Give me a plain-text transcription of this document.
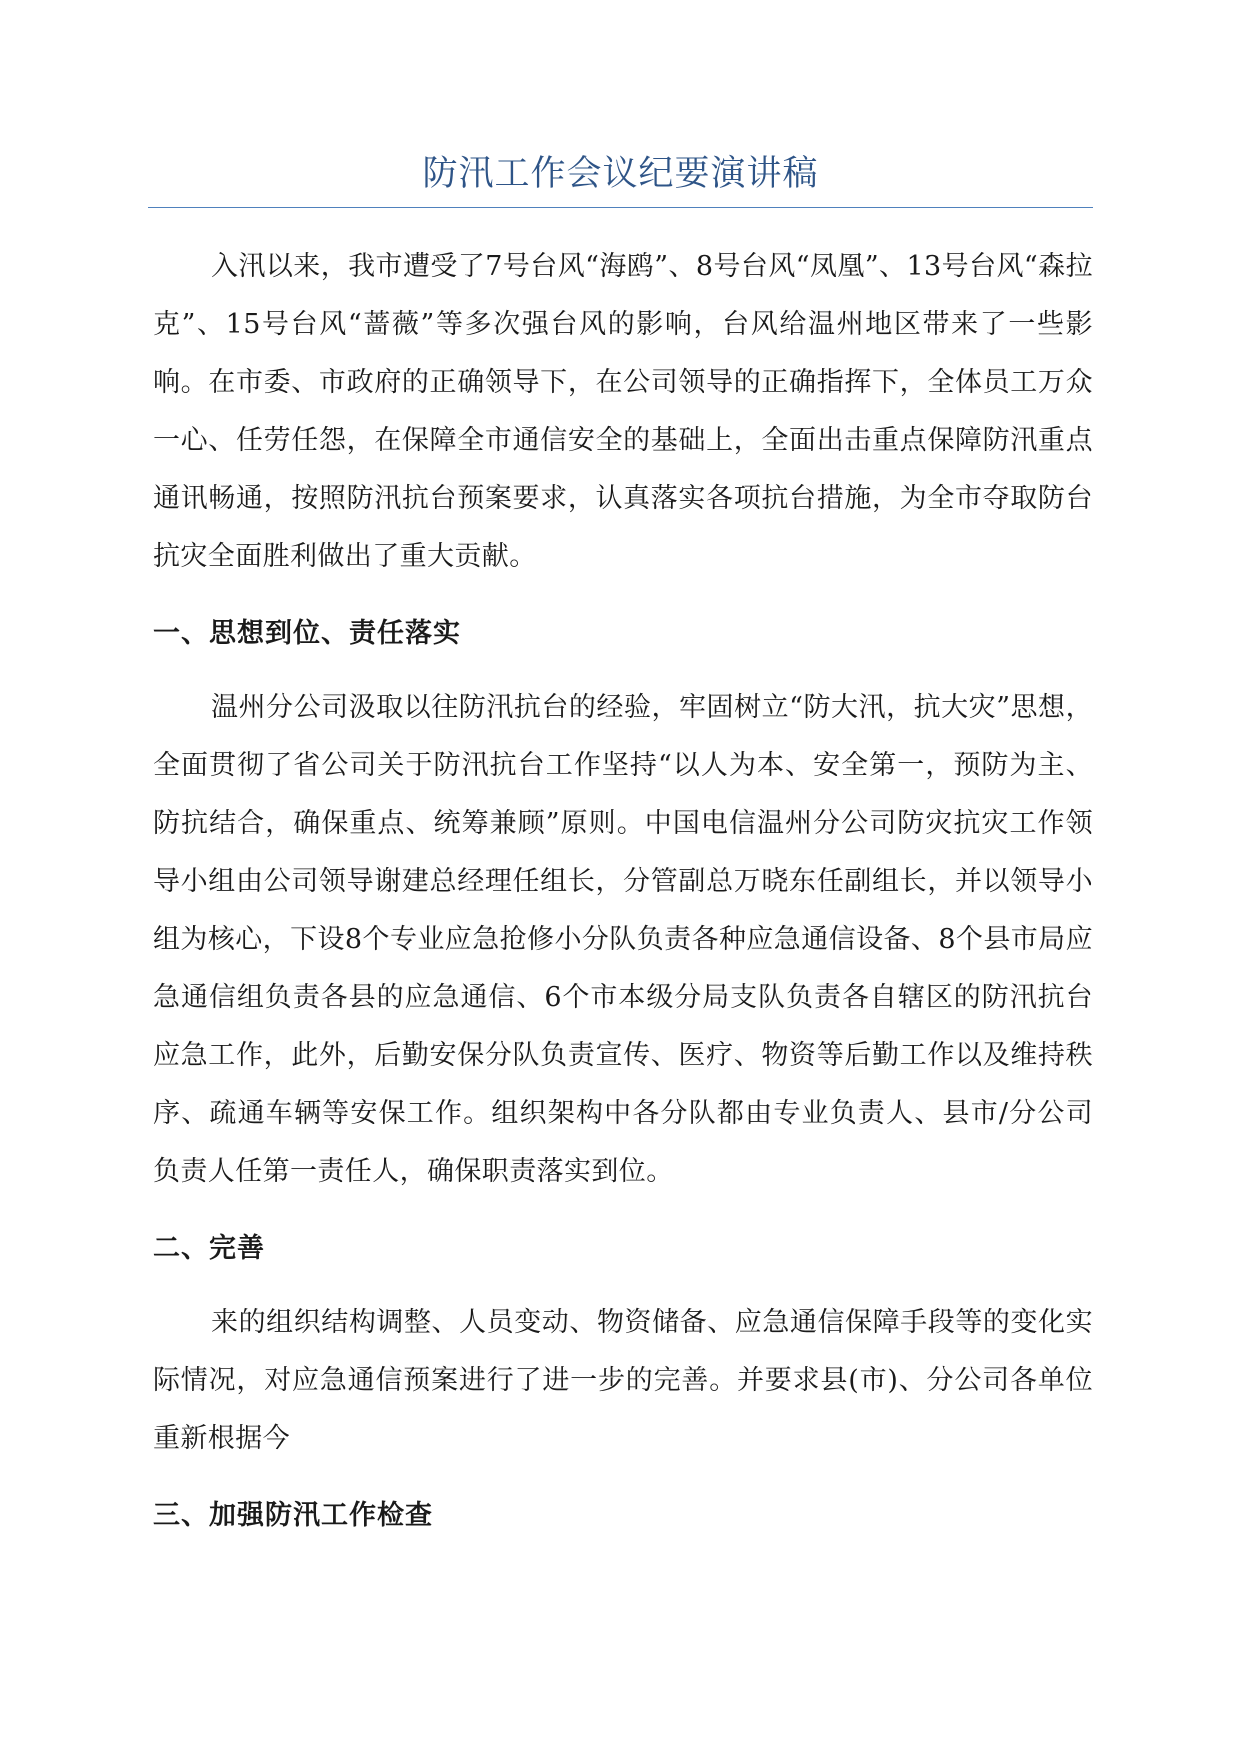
防汛工作会议纪要演讲稿

入汛以来，我市遭受了7号台风“海鸥”、8号台风“凤凰”、13号台风“森拉克”、15号台风“蔷薇”等多次强台风的影响，台风给温州地区带来了一些影响。在市委、市政府的正确领导下，在公司领导的正确指挥下，全体员工万众一心、任劳任怨，在保障全市通信安全的基础上，全面出击重点保障防汛重点通讯畅通，按照防汛抗台预案要求，认真落实各项抗台措施，为全市夺取防台抗灾全面胜利做出了重大贡献。

一、思想到位、责任落实

温州分公司汲取以往防汛抗台的经验，牢固树立“防大汛，抗大灾”思想，全面贯彻了省公司关于防汛抗台工作坚持“以人为本、安全第一，预防为主、防抗结合，确保重点、统筹兼顾”原则。中国电信温州分公司防灾抗灾工作领导小组由公司领导谢建总经理任组长，分管副总万晓东任副组长，并以领导小组为核心，下设8个专业应急抢修小分队负责各种应急通信设备、8个县市局应急通信组负责各县的应急通信、6个市本级分局支队负责各自辖区的防汛抗台应急工作，此外，后勤安保分队负责宣传、医疗、物资等后勤工作以及维持秩序、疏通车辆等安保工作。组织架构中各分队都由专业负责人、县市/分公司负责人任第一责任人，确保职责落实到位。

二、完善

来的组织结构调整、人员变动、物资储备、应急通信保障手段等的变化实际情况，对应急通信预案进行了进一步的完善。并要求县(市)、分公司各单位重新根据今

三、加强防汛工作检查
